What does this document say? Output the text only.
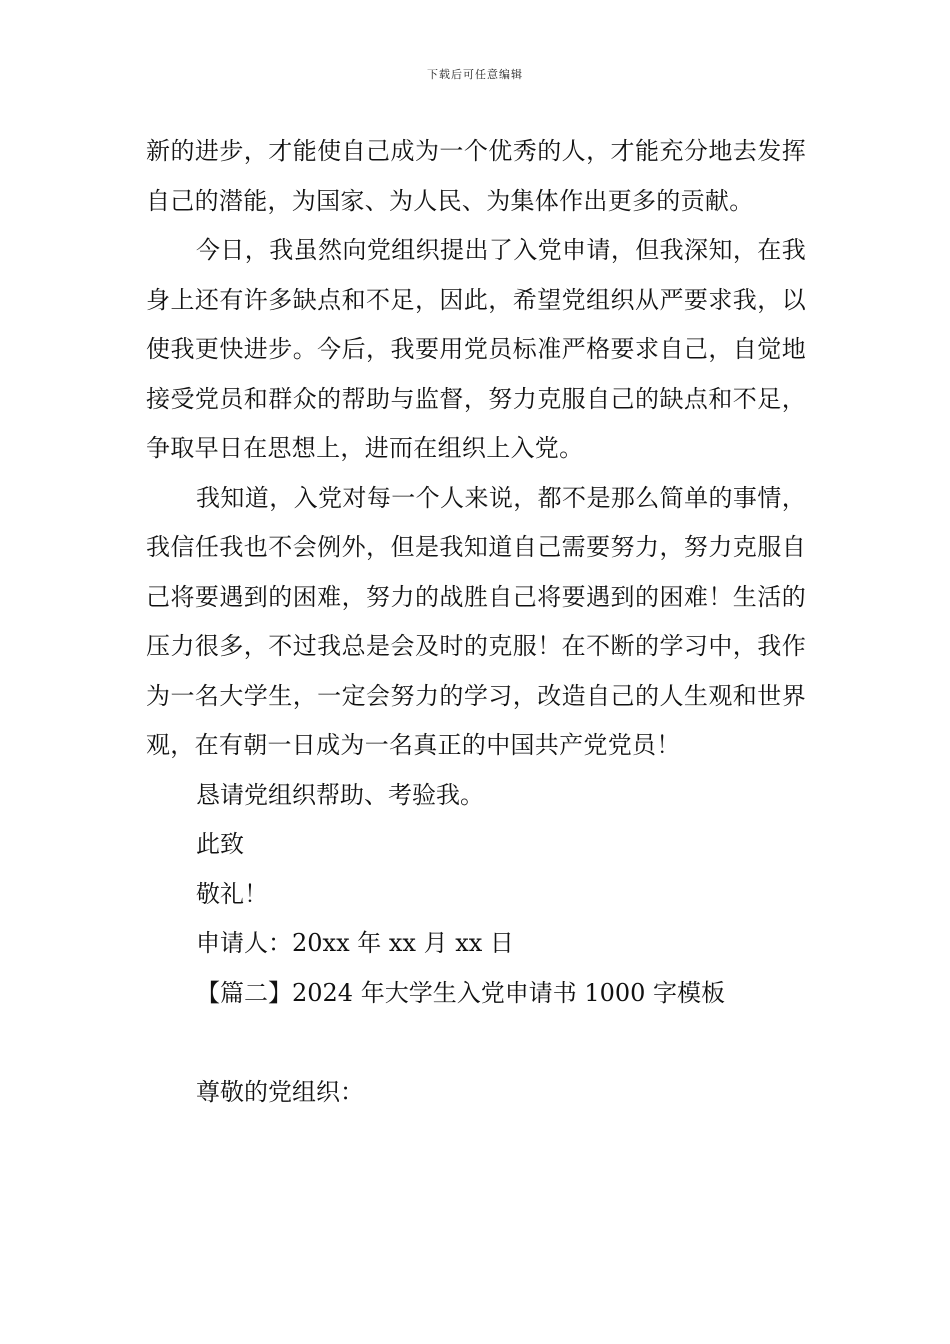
下载后可任意编辑

新的进步，才能使自己成为一个优秀的人，才能充分地去发挥自己的潜能，为国家、为人民、为集体作出更多的贡献。

今日，我虽然向党组织提出了入党申请，但我深知，在我身上还有许多缺点和不足，因此，希望党组织从严要求我，以使我更快进步。今后，我要用党员标准严格要求自己，自觉地接受党员和群众的帮助与监督，努力克服自己的缺点和不足，争取早日在思想上，进而在组织上入党。

我知道，入党对每一个人来说，都不是那么简单的事情，我信任我也不会例外，但是我知道自己需要努力，努力克服自己将要遇到的困难，努力的战胜自己将要遇到的困难！生活的压力很多，不过我总是会及时的克服！在不断的学习中，我作为一名大学生，一定会努力的学习，改造自己的人生观和世界观，在有朝一日成为一名真正的中国共产党党员！

恳请党组织帮助、考验我。

此致

敬礼！

申请人：20xx 年 xx 月 xx 日

【篇二】2024 年大学生入党申请书 1000 字模板

尊敬的党组织：
